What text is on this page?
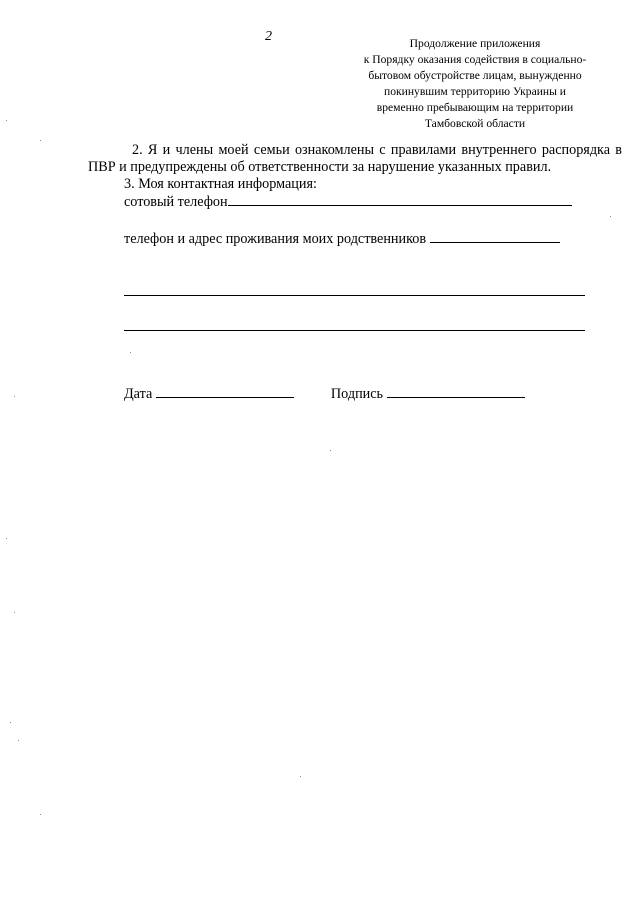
2	Продолжение приложения
к Порядку оказания содействия в социально-
бытовом обустройстве лицам, вынужденно
покинувшим территорию Украины и
временно пребывающим на территории
Тамбовской области
2. Я и члены моей семьи ознакомлены с правилами внутреннего распорядка в ПВР и предупреждены об ответственности за нарушение указанных правил.
3. Моя контактная информация:
сотовый телефон
телефон и адрес проживания моих родственников
Дата	Подпись
